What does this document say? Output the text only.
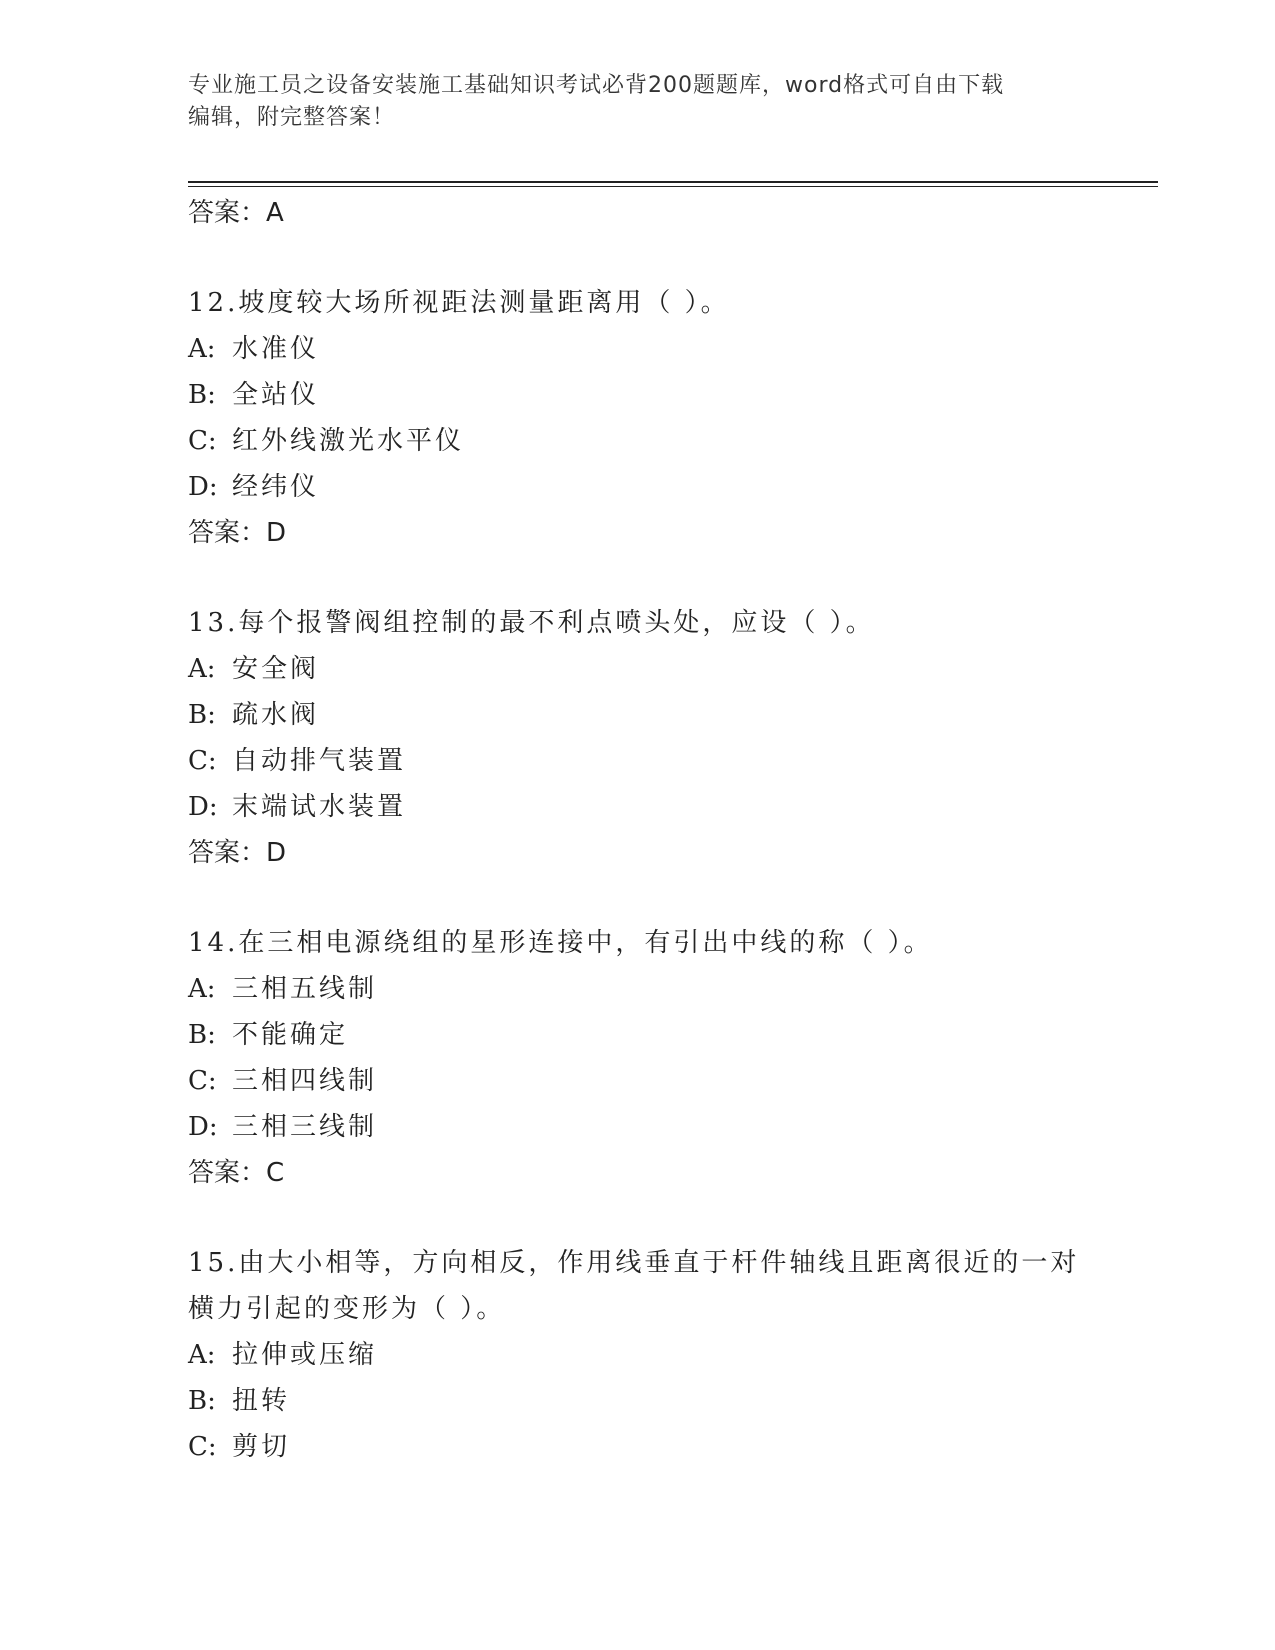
专业施工员之设备安装施工基础知识考试必背200题题库，word格式可自由下载
编辑，附完整答案！
答案：A
12.坡度较大场所视距法测量距离用（ ）。
A: 水准仪
B: 全站仪
C: 红外线激光水平仪
D: 经纬仪
答案：D
13.每个报警阀组控制的最不利点喷头处，应设（ ）。
A: 安全阀
B: 疏水阀
C: 自动排气装置
D: 末端试水装置
答案：D
14.在三相电源绕组的星形连接中，有引出中线的称（ ）。
A: 三相五线制
B: 不能确定
C: 三相四线制
D: 三相三线制
答案：C
15.由大小相等，方向相反，作用线垂直于杆件轴线且距离很近的一对
横力引起的变形为（ ）。
A: 拉伸或压缩
B: 扭转
C: 剪切
